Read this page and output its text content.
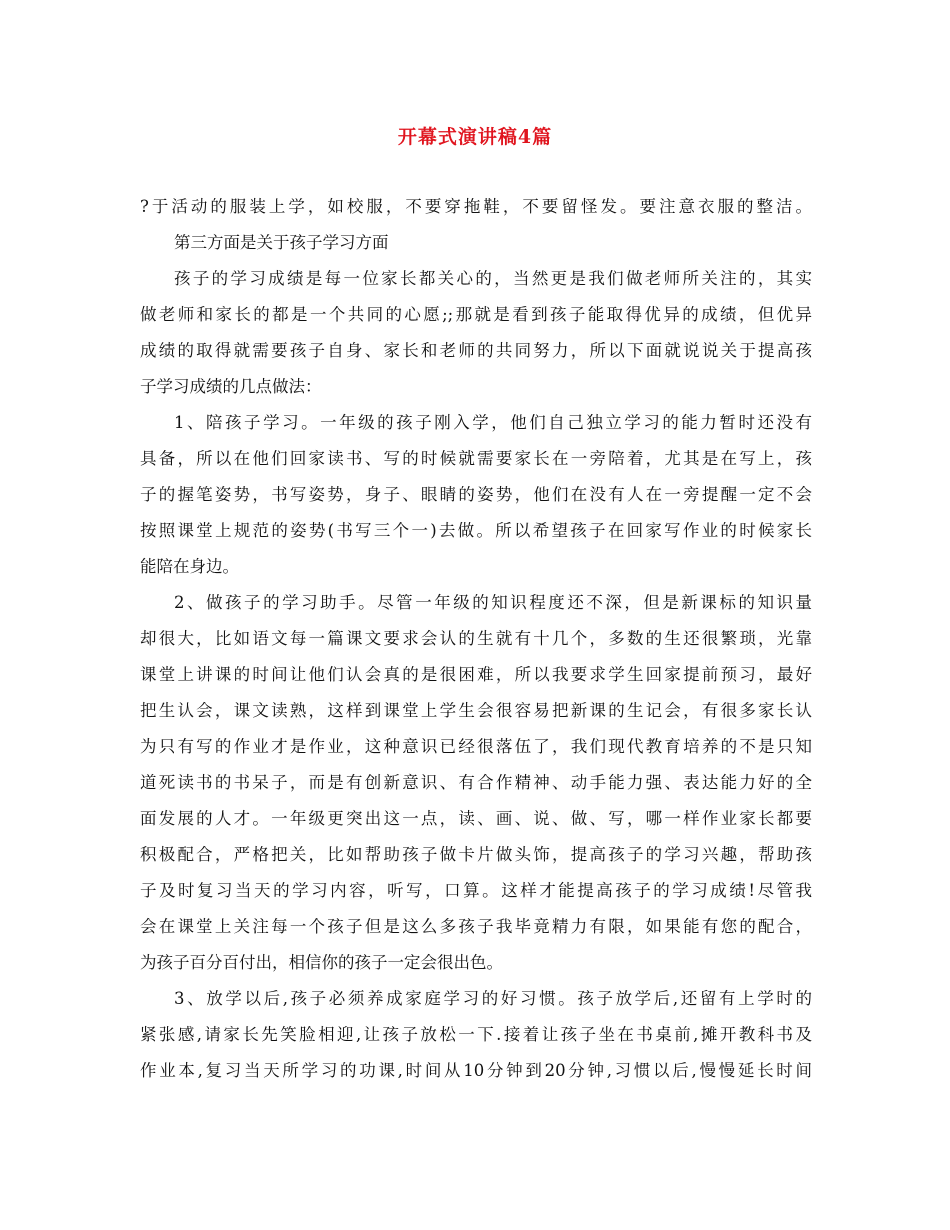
开幕式演讲稿4篇
?于活动的服装上学，如校服，不要穿拖鞋，不要留怪发。要注意衣服的整洁。
第三方面是关于孩子学习方面
孩子的学习成绩是每一位家长都关心的，当然更是我们做老师所关注的，其实
做老师和家长的都是一个共同的心愿;;那就是看到孩子能取得优异的成绩，但优异
成绩的取得就需要孩子自身、家长和老师的共同努力，所以下面就说说关于提高孩
子学习成绩的几点做法：
1、陪孩子学习。一年级的孩子刚入学，他们自己独立学习的能力暂时还没有
具备，所以在他们回家读书、写的时候就需要家长在一旁陪着，尤其是在写上，孩
子的握笔姿势，书写姿势，身子、眼睛的姿势，他们在没有人在一旁提醒一定不会
按照课堂上规范的姿势(书写三个一)去做。所以希望孩子在回家写作业的时候家长
能陪在身边。
2、做孩子的学习助手。尽管一年级的知识程度还不深，但是新课标的知识量
却很大，比如语文每一篇课文要求会认的生就有十几个，多数的生还很繁琐，光靠
课堂上讲课的时间让他们认会真的是很困难，所以我要求学生回家提前预习，最好
把生认会，课文读熟，这样到课堂上学生会很容易把新课的生记会，有很多家长认
为只有写的作业才是作业，这种意识已经很落伍了，我们现代教育培养的不是只知
道死读书的书呆子，而是有创新意识、有合作精神、动手能力强、表达能力好的全
面发展的人才。一年级更突出这一点，读、画、说、做、写，哪一样作业家长都要
积极配合，严格把关，比如帮助孩子做卡片做头饰，提高孩子的学习兴趣，帮助孩
子及时复习当天的学习内容，听写，口算。这样才能提高孩子的学习成绩!尽管我
会在课堂上关注每一个孩子但是这么多孩子我毕竟精力有限，如果能有您的配合，
为孩子百分百付出，相信你的孩子一定会很出色。
3、放学以后,孩子必须养成家庭学习的好习惯。孩子放学后,还留有上学时的
紧张感,请家长先笑脸相迎,让孩子放松一下.接着让孩子坐在书桌前,摊开教科书及
作业本,复习当天所学习的功课,时间从10分钟到20分钟,习惯以后,慢慢延长时间
